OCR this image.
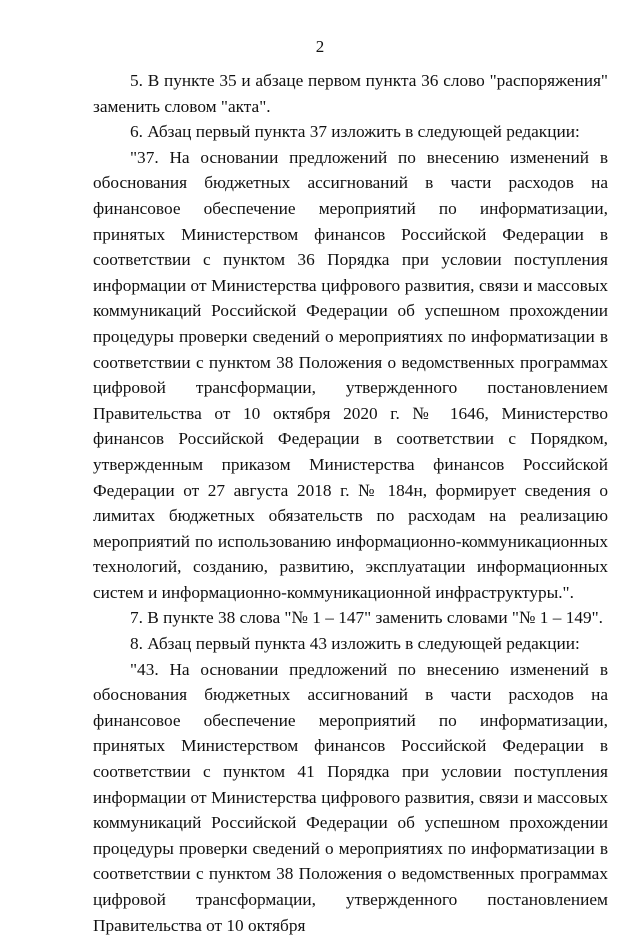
2

5. В пункте 35 и абзаце первом пункта 36 слово "распоряжения" заменить словом "акта".

6. Абзац первый пункта 37 изложить в следующей редакции:

"37. На основании предложений по внесению изменений в обоснования бюджетных ассигнований в части расходов на финансовое обеспечение мероприятий по информатизации, принятых Министерством финансов Российской Федерации в соответствии с пунктом 36 Порядка при условии поступления информации от Министерства цифрового развития, связи и массовых коммуникаций Российской Федерации об успешном прохождении процедуры проверки сведений о мероприятиях по информатизации в соответствии с пунктом 38 Положения о ведомственных программах цифровой трансформации, утвержденного постановлением Правительства от 10 октября 2020 г. № 1646, Министерство финансов Российской Федерации в соответствии с Порядком, утвержденным приказом Министерства финансов Российской Федерации от 27 августа 2018 г. № 184н, формирует сведения о лимитах бюджетных обязательств по расходам на реализацию мероприятий по использованию информационно-коммуникационных технологий, созданию, развитию, эксплуатации информационных систем и информационно-коммуникационной инфраструктуры.".

7. В пункте 38 слова "№ 1 – 147" заменить словами "№ 1 – 149".

8. Абзац первый пункта 43 изложить в следующей редакции:

"43. На основании предложений по внесению изменений в обоснования бюджетных ассигнований в части расходов на финансовое обеспечение мероприятий по информатизации, принятых Министерством финансов Российской Федерации в соответствии с пунктом 41 Порядка при условии поступления информации от Министерства цифрового развития, связи и массовых коммуникаций Российской Федерации об успешном прохождении процедуры проверки сведений о мероприятиях по информатизации в соответствии с пунктом 38 Положения о ведомственных программах цифровой трансформации, утвержденного постановлением Правительства от 10 октября
